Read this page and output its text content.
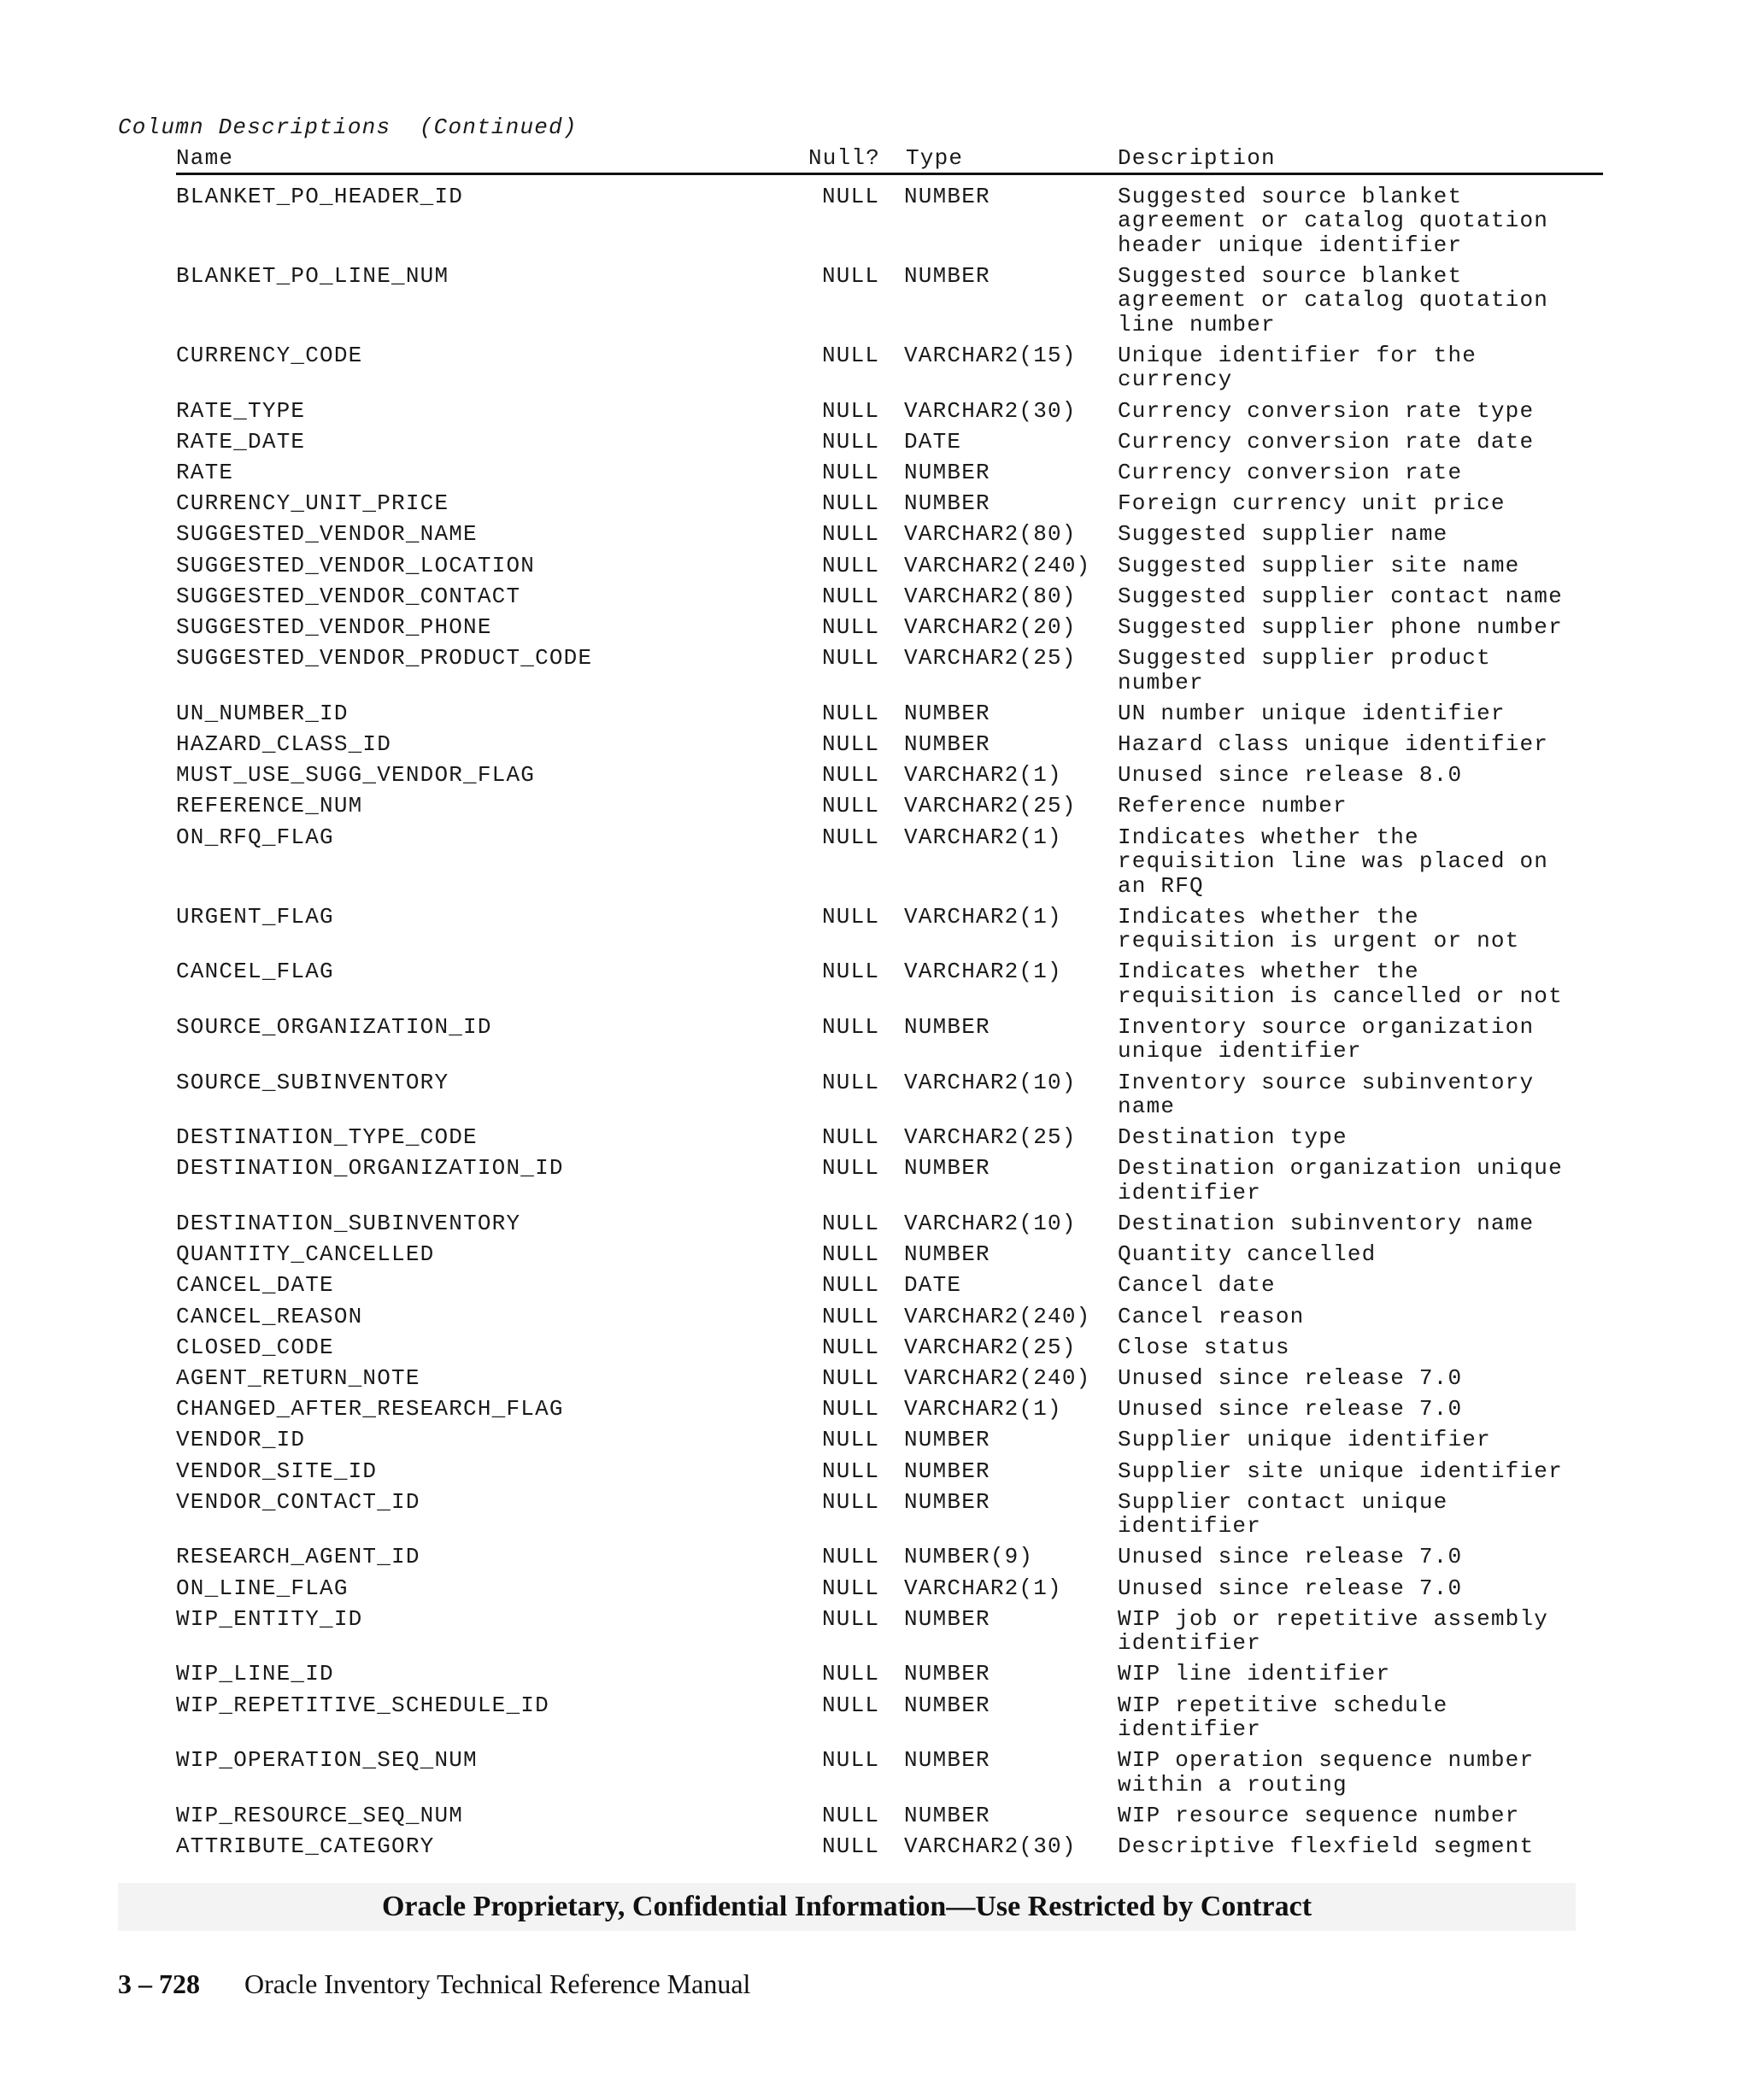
Column Descriptions  (Continued)
Name	Null? Type	Description
BLANKET_PO_HEADER_ID	NULL	NUMBER	Suggested source blanket
agreement or catalog quotation
header unique identifier
BLANKET_PO_LINE_NUM	NULL	NUMBER	Suggested source blanket
agreement or catalog quotation
line number
CURRENCY_CODE	NULL	VARCHAR2(15)	Unique identifier for the
currency
RATE_TYPE	NULL	VARCHAR2(30)	Currency conversion rate type
RATE_DATE	NULL	DATE	Currency conversion rate date
RATE	NULL	NUMBER	Currency conversion rate
CURRENCY_UNIT_PRICE	NULL	NUMBER	Foreign currency unit price
SUGGESTED_VENDOR_NAME	NULL	VARCHAR2(80)	Suggested supplier name
SUGGESTED_VENDOR_LOCATION	NULL	VARCHAR2(240)	Suggested supplier site name
SUGGESTED_VENDOR_CONTACT	NULL	VARCHAR2(80)	Suggested supplier contact name
SUGGESTED_VENDOR_PHONE	NULL	VARCHAR2(20)	Suggested supplier phone number
SUGGESTED_VENDOR_PRODUCT_CODE	NULL	VARCHAR2(25)	Suggested supplier product
number
UN_NUMBER_ID	NULL	NUMBER	UN number unique identifier
HAZARD_CLASS_ID	NULL	NUMBER	Hazard class unique identifier
MUST_USE_SUGG_VENDOR_FLAG	NULL	VARCHAR2(1)	Unused since release 8.0
REFERENCE_NUM	NULL	VARCHAR2(25)	Reference number
ON_RFQ_FLAG	NULL	VARCHAR2(1)	Indicates whether the
requisition line was placed on
an RFQ
URGENT_FLAG	NULL	VARCHAR2(1)	Indicates whether the
requisition is urgent or not
CANCEL_FLAG	NULL	VARCHAR2(1)	Indicates whether the
requisition is cancelled or not
SOURCE_ORGANIZATION_ID	NULL	NUMBER	Inventory source organization
unique identifier
SOURCE_SUBINVENTORY	NULL	VARCHAR2(10)	Inventory source subinventory
name
DESTINATION_TYPE_CODE	NULL	VARCHAR2(25)	Destination type
DESTINATION_ORGANIZATION_ID	NULL	NUMBER	Destination organization unique
identifier
DESTINATION_SUBINVENTORY	NULL	VARCHAR2(10)	Destination subinventory name
QUANTITY_CANCELLED	NULL	NUMBER	Quantity cancelled
CANCEL_DATE	NULL	DATE	Cancel date
CANCEL_REASON	NULL	VARCHAR2(240)	Cancel reason
CLOSED_CODE	NULL	VARCHAR2(25)	Close status
AGENT_RETURN_NOTE	NULL	VARCHAR2(240)	Unused since release 7.0
CHANGED_AFTER_RESEARCH_FLAG	NULL	VARCHAR2(1)	Unused since release 7.0
VENDOR_ID	NULL	NUMBER	Supplier unique identifier
VENDOR_SITE_ID	NULL	NUMBER	Supplier site unique identifier
VENDOR_CONTACT_ID	NULL	NUMBER	Supplier contact unique
identifier
RESEARCH_AGENT_ID	NULL	NUMBER(9)	Unused since release 7.0
ON_LINE_FLAG	NULL	VARCHAR2(1)	Unused since release 7.0
WIP_ENTITY_ID	NULL	NUMBER	WIP job or repetitive assembly
identifier
WIP_LINE_ID	NULL	NUMBER	WIP line identifier
WIP_REPETITIVE_SCHEDULE_ID	NULL	NUMBER	WIP repetitive schedule
identifier
WIP_OPERATION_SEQ_NUM	NULL	NUMBER	WIP operation sequence number
within a routing
WIP_RESOURCE_SEQ_NUM	NULL	NUMBER	WIP resource sequence number
ATTRIBUTE_CATEGORY	NULL	VARCHAR2(30)	Descriptive flexfield segment
Oracle Proprietary, Confidential Information––Use Restricted by Contract
3 – 728 Oracle Inventory Technical Reference Manual
